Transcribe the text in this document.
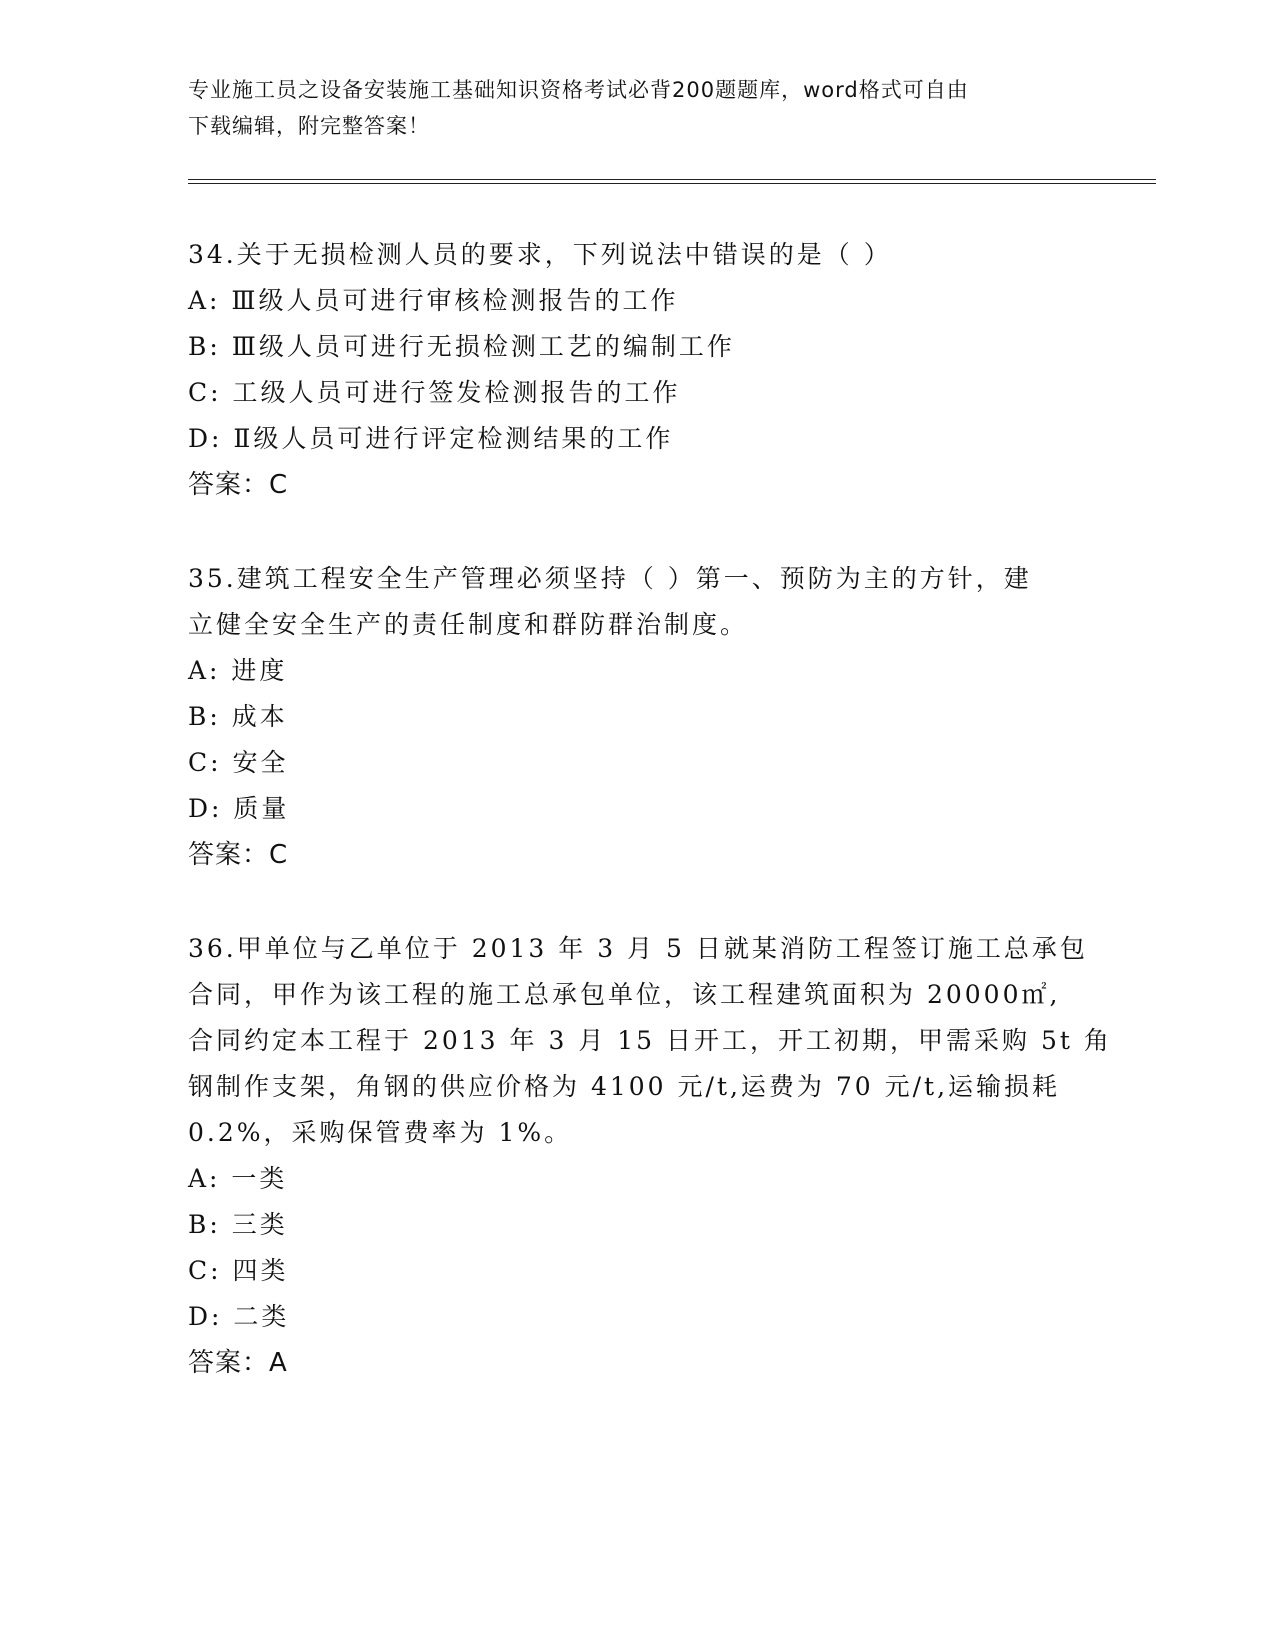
专业施工员之设备安装施工基础知识资格考试必背200题题库，word格式可自由
下载编辑，附完整答案！
34.关于无损检测人员的要求，下列说法中错误的是（ ）
A: Ⅲ级人员可进行审核检测报告的工作
B: Ⅲ级人员可进行无损检测工艺的编制工作
C: 工级人员可进行签发检测报告的工作
D: Ⅱ级人员可进行评定检测结果的工作
答案：C
35.建筑工程安全生产管理必须坚持（ ）第一、预防为主的方针，建
立健全安全生产的责任制度和群防群治制度。
A: 进度
B: 成本
C: 安全
D: 质量
答案：C
36.甲单位与乙单位于 2013 年 3 月 5 日就某消防工程签订施工总承包
合同，甲作为该工程的施工总承包单位，该工程建筑面积为 20000㎡,
合同约定本工程于 2013 年 3 月 15 日开工，开工初期，甲需采购 5t 角
钢制作支架，角钢的供应价格为 4100 元/t,运费为 70 元/t,运输损耗
0.2%，采购保管费率为 1%。
A: 一类
B: 三类
C: 四类
D: 二类
答案：A
